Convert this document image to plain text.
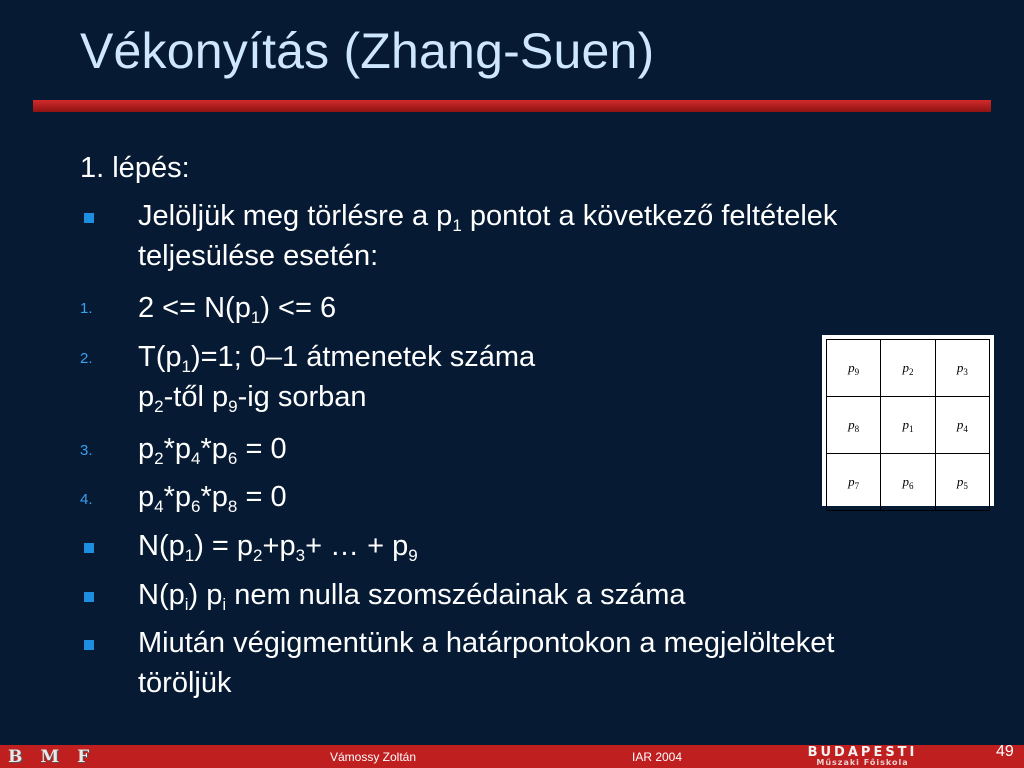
Vékonyítás (Zhang-Suen)
1. lépés:
Jelöljük meg törlésre a $p_1$ pontot a következő feltételek
teljesülése esetén:
1. $2 <= N(p_1) <= 6$
2. $T(p_1)=1$; 0–1 átmenetek száma
$p_2$-től $p_9-ig$ sorban
3. $p_2*p_4*p_6 = 0$
4. $p_4*p_6*p_8 = 0$
$N(p_1) = p_2+p_3+$ … + $p_9$
$N(p_i)$ $p_i$ nem nulla szomszédainak a száma
Miután végigmentünk a határpontokon a megjelölteket
töröljük
$p_9$	$p_2$	$p_3$
$p_8$	$p_1$	$p_4$
$p_7$	$p_6$	$p_5$
BMF	Vámossy Zoltán	IAR 2004	BUDAPESTI
Műszaki Főiskola
49
